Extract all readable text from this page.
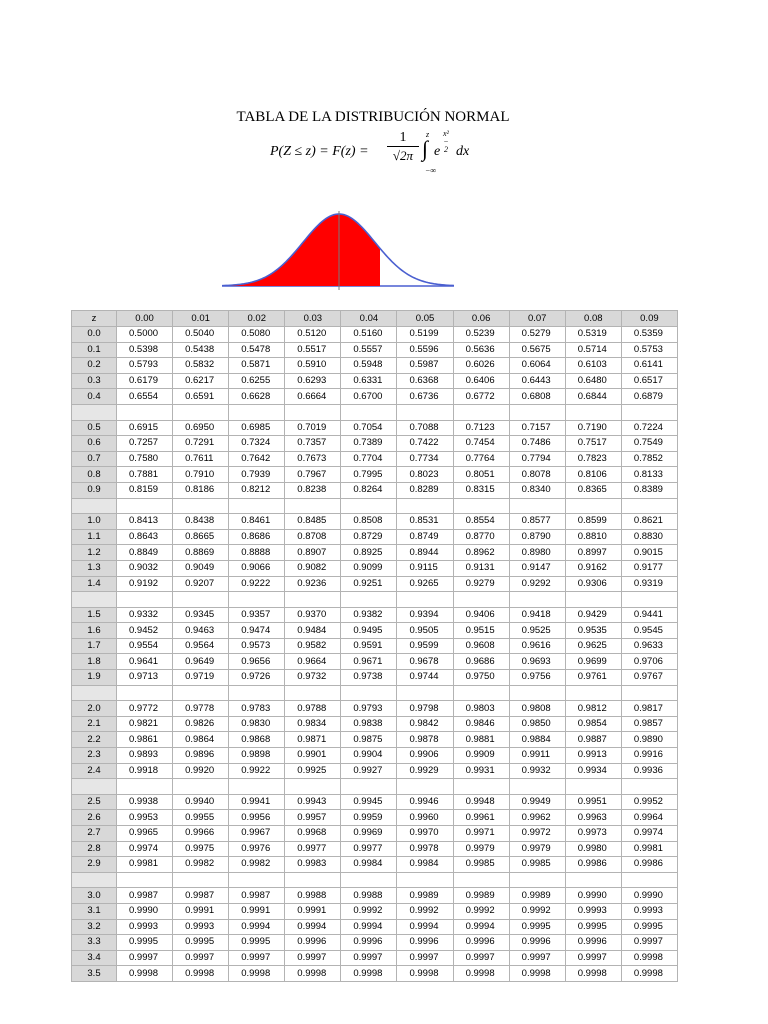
TABLA DE LA DISTRIBUCIÓN NORMAL
P(Z ≤ z) = F(z) =
1
√2π
z
∫
−∞
e
x²
− 2 dx
z	0.00	0.01	0.02	0.03	0.04	0.05	0.06	0.07	0.08	0.09
0.0	0.5000	0.5040	0.5080	0.5120	0.5160	0.5199	0.5239	0.5279	0.5319	0.5359
0.1	0.5398	0.5438	0.5478	0.5517	0.5557	0.5596	0.5636	0.5675	0.5714	0.5753
0.2	0.5793	0.5832	0.5871	0.5910	0.5948	0.5987	0.6026	0.6064	0.6103	0.6141
0.3	0.6179	0.6217	0.6255	0.6293	0.6331	0.6368	0.6406	0.6443	0.6480	0.6517
0.4	0.6554	0.6591	0.6628	0.6664	0.6700	0.6736	0.6772	0.6808	0.6844	0.6879

0.5	0.6915	0.6950	0.6985	0.7019	0.7054	0.7088	0.7123	0.7157	0.7190	0.7224
0.6	0.7257	0.7291	0.7324	0.7357	0.7389	0.7422	0.7454	0.7486	0.7517	0.7549
0.7	0.7580	0.7611	0.7642	0.7673	0.7704	0.7734	0.7764	0.7794	0.7823	0.7852
0.8	0.7881	0.7910	0.7939	0.7967	0.7995	0.8023	0.8051	0.8078	0.8106	0.8133
0.9	0.8159	0.8186	0.8212	0.8238	0.8264	0.8289	0.8315	0.8340	0.8365	0.8389

1.0	0.8413	0.8438	0.8461	0.8485	0.8508	0.8531	0.8554	0.8577	0.8599	0.8621
1.1	0.8643	0.8665	0.8686	0.8708	0.8729	0.8749	0.8770	0.8790	0.8810	0.8830
1.2	0.8849	0.8869	0.8888	0.8907	0.8925	0.8944	0.8962	0.8980	0.8997	0.9015
1.3	0.9032	0.9049	0.9066	0.9082	0.9099	0.9115	0.9131	0.9147	0.9162	0.9177
1.4	0.9192	0.9207	0.9222	0.9236	0.9251	0.9265	0.9279	0.9292	0.9306	0.9319

1.5	0.9332	0.9345	0.9357	0.9370	0.9382	0.9394	0.9406	0.9418	0.9429	0.9441
1.6	0.9452	0.9463	0.9474	0.9484	0.9495	0.9505	0.9515	0.9525	0.9535	0.9545
1.7	0.9554	0.9564	0.9573	0.9582	0.9591	0.9599	0.9608	0.9616	0.9625	0.9633
1.8	0.9641	0.9649	0.9656	0.9664	0.9671	0.9678	0.9686	0.9693	0.9699	0.9706
1.9	0.9713	0.9719	0.9726	0.9732	0.9738	0.9744	0.9750	0.9756	0.9761	0.9767

2.0	0.9772	0.9778	0.9783	0.9788	0.9793	0.9798	0.9803	0.9808	0.9812	0.9817
2.1	0.9821	0.9826	0.9830	0.9834	0.9838	0.9842	0.9846	0.9850	0.9854	0.9857
2.2	0.9861	0.9864	0.9868	0.9871	0.9875	0.9878	0.9881	0.9884	0.9887	0.9890
2.3	0.9893	0.9896	0.9898	0.9901	0.9904	0.9906	0.9909	0.9911	0.9913	0.9916
2.4	0.9918	0.9920	0.9922	0.9925	0.9927	0.9929	0.9931	0.9932	0.9934	0.9936

2.5	0.9938	0.9940	0.9941	0.9943	0.9945	0.9946	0.9948	0.9949	0.9951	0.9952
2.6	0.9953	0.9955	0.9956	0.9957	0.9959	0.9960	0.9961	0.9962	0.9963	0.9964
2.7	0.9965	0.9966	0.9967	0.9968	0.9969	0.9970	0.9971	0.9972	0.9973	0.9974
2.8	0.9974	0.9975	0.9976	0.9977	0.9977	0.9978	0.9979	0.9979	0.9980	0.9981
2.9	0.9981	0.9982	0.9982	0.9983	0.9984	0.9984	0.9985	0.9985	0.9986	0.9986

3.0	0.9987	0.9987	0.9987	0.9988	0.9988	0.9989	0.9989	0.9989	0.9990	0.9990
3.1	0.9990	0.9991	0.9991	0.9991	0.9992	0.9992	0.9992	0.9992	0.9993	0.9993
3.2	0.9993	0.9993	0.9994	0.9994	0.9994	0.9994	0.9994	0.9995	0.9995	0.9995
3.3	0.9995	0.9995	0.9995	0.9996	0.9996	0.9996	0.9996	0.9996	0.9996	0.9997
3.4	0.9997	0.9997	0.9997	0.9997	0.9997	0.9997	0.9997	0.9997	0.9997	0.9998
3.5	0.9998	0.9998	0.9998	0.9998	0.9998	0.9998	0.9998	0.9998	0.9998	0.9998
